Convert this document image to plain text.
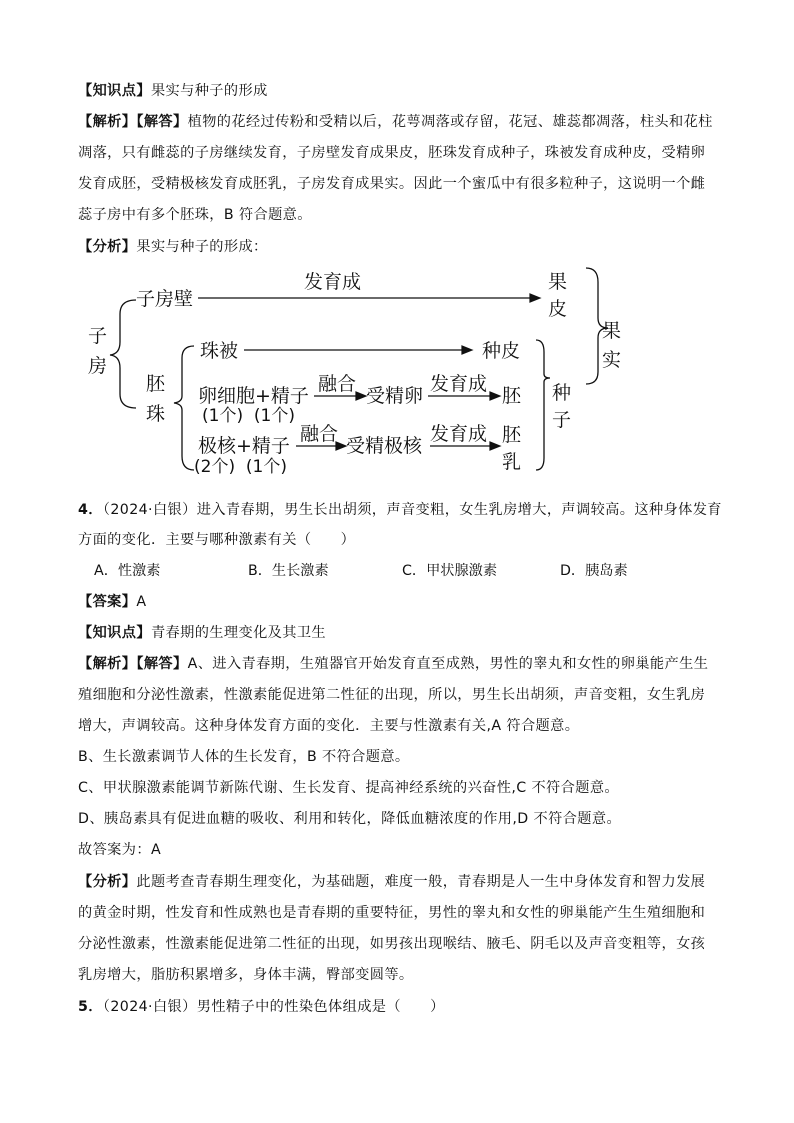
【知识点】果实与种子的形成
【解析】【解答】植物的花经过传粉和受精以后，花萼凋落或存留，花冠、雄蕊都凋落，柱头和花柱
凋落，只有雌蕊的子房继续发育，子房壁发育成果皮，胚珠发育成种子，珠被发育成种皮，受精卵
发育成胚，受精极核发育成胚乳，子房发育成果实。因此一个蜜瓜中有很多粒种子，这说明一个雌
蕊子房中有多个胚珠，B 符合题意。
【分析】果实与种子的形成：
子
房
子房壁
发育成	果
皮
果
实
胚
珠
珠被	种皮
种
子
卵细胞+精子
融合
受精卵
发育成
胚
极核+精子
融合
受精极核
发育成 胚
乳
(1个)  (1个)
(2个)  (1个)
4．（2024·白银）进入青春期，男生长出胡须，声音变粗，女生乳房增大，声调较高。这种身体发育
方面的变化．主要与哪种激素有关（　　）
A．性激素	B．生长激素	C．甲状腺激素	D．胰岛素
【答案】A
【知识点】青春期的生理变化及其卫生
【解析】【解答】A、进入青春期，生殖器官开始发育直至成熟，男性的睾丸和女性的卵巢能产生生
殖细胞和分泌性激素，性激素能促进第二性征的出现，所以，男生长出胡须，声音变粗，女生乳房
增大，声调较高。这种身体发育方面的变化．主要与性激素有关,A 符合题意。
B、生长激素调节人体的生长发育，B 不符合题意。
C、甲状腺激素能调节新陈代谢、生长发育、提高神经系统的兴奋性,C 不符合题意。
D、胰岛素具有促进血糖的吸收、利用和转化，降低血糖浓度的作用,D 不符合题意。
故答案为：A
【分析】此题考查青春期生理变化，为基础题，难度一般，青春期是人一生中身体发育和智力发展
的黄金时期，性发育和性成熟也是青春期的重要特征，男性的睾丸和女性的卵巢能产生生殖细胞和
分泌性激素，性激素能促进第二性征的出现，如男孩出现喉结、腋毛、阴毛以及声音变粗等，女孩
乳房增大，脂肪积累增多，身体丰满，臀部变圆等。
5．（2024·白银）男性精子中的性染色体组成是（　　）
